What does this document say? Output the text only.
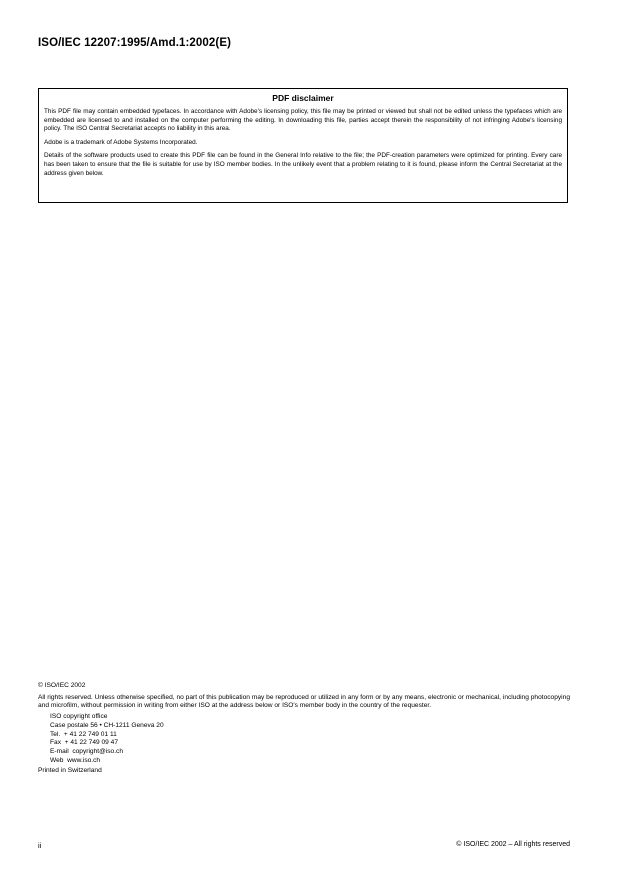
ISO/IEC 12207:1995/Amd.1:2002(E)
PDF disclaimer

This PDF file may contain embedded typefaces. In accordance with Adobe's licensing policy, this file may be printed or viewed but shall not be edited unless the typefaces which are embedded are licensed to and installed on the computer performing the editing. In downloading this file, parties accept therein the responsibility of not infringing Adobe's licensing policy. The ISO Central Secretariat accepts no liability in this area.

Adobe is a trademark of Adobe Systems Incorporated.

Details of the software products used to create this PDF file can be found in the General Info relative to the file; the PDF-creation parameters were optimized for printing. Every care has been taken to ensure that the file is suitable for use by ISO member bodies. In the unlikely event that a problem relating to it is found, please inform the Central Secretariat at the address given below.

© ISO/IEC 2002

All rights reserved. Unless otherwise specified, no part of this publication may be reproduced or utilized in any form or by any means, electronic or mechanical, including photocopying and microfilm, without permission in writing from either ISO at the address below or ISO's member body in the country of the requester.

ISO copyright office
Case postale 56 • CH-1211 Geneva 20
Tel.  + 41 22 749 01 11
Fax  + 41 22 749 09 47
E-mail  copyright@iso.ch
Web  www.iso.ch
Printed in Switzerland
ii	© ISO/IEC 2002 – All rights reserved
